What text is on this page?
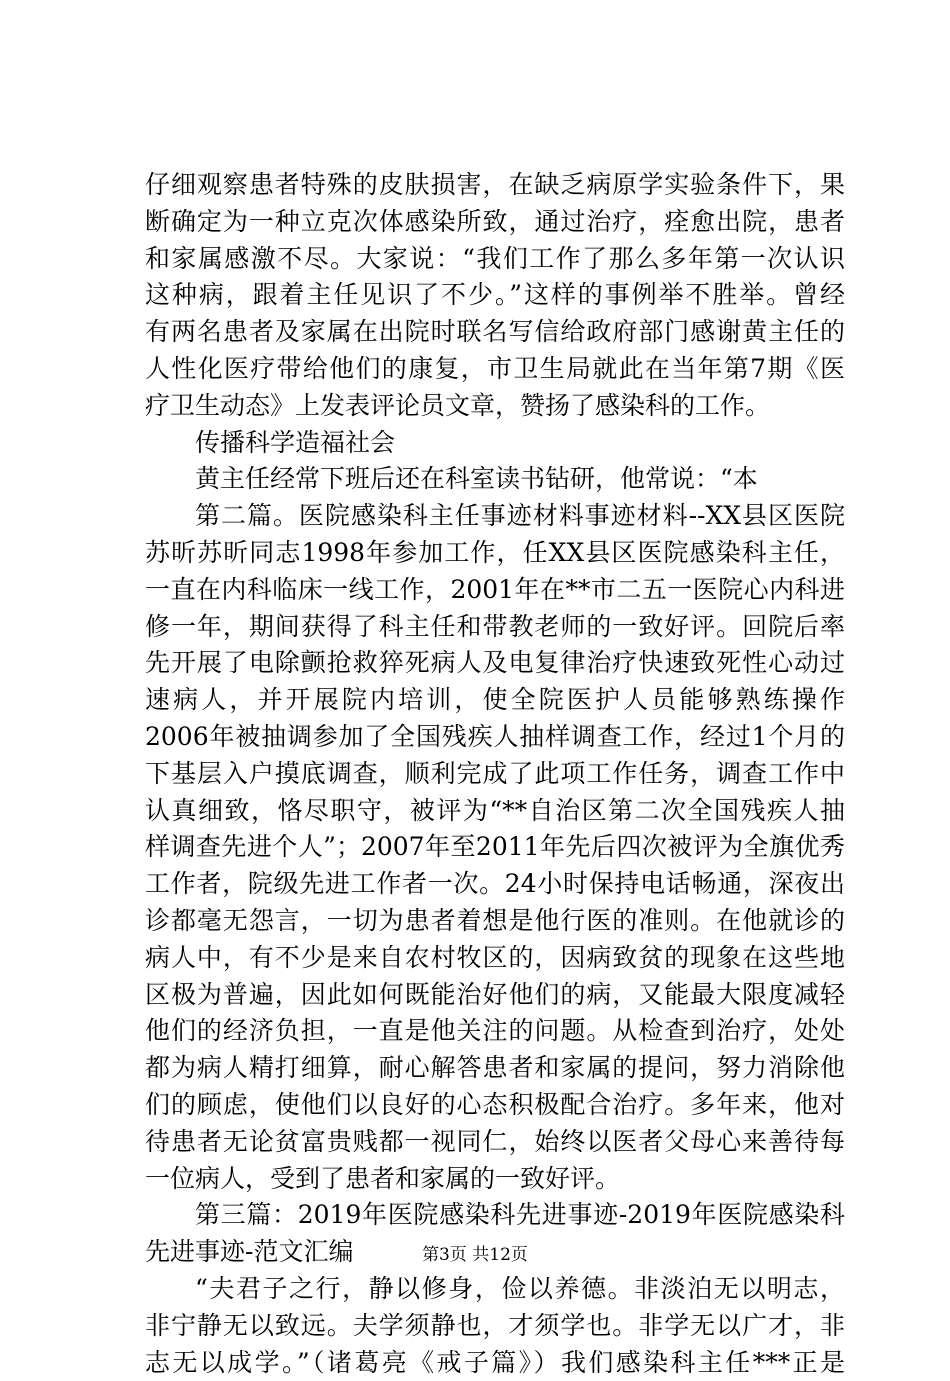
仔细观察患者特殊的皮肤损害，在缺乏病原学实验条件下，果
断确定为一种立克次体感染所致，通过治疗，痊愈出院，患者
和家属感激不尽。大家说：“我们工作了那么多年第一次认识
这种病，跟着主任见识了不少。”这样的事例举不胜举。曾经
有两名患者及家属在出院时联名写信给政府部门感谢黄主任的
人性化医疗带给他们的康复，市卫生局就此在当年第7期《医
疗卫生动态》上发表评论员文章，赞扬了感染科的工作。
传播科学造福社会
黄主任经常下班后还在科室读书钻研，他常说：“本
第二篇。医院感染科主任事迹材料事迹材料--XX县区医院
苏昕苏昕同志1998年参加工作，任XX县区医院感染科主任，
一直在内科临床一线工作，2001年在**市二五一医院心内科进
修一年，期间获得了科主任和带教老师的一致好评。回院后率
先开展了电除颤抢救猝死病人及电复律治疗快速致死性心动过
速病人，并开展院内培训，使全院医护人员能够熟练操作
2006年被抽调参加了全国残疾人抽样调查工作，经过1个月的
下基层入户摸底调查，顺利完成了此项工作任务，调查工作中
认真细致，恪尽职守，被评为“**自治区第二次全国残疾人抽
样调查先进个人”；2007年至2011年先后四次被评为全旗优秀
工作者，院级先进工作者一次。24小时保持电话畅通，深夜出
诊都毫无怨言，一切为患者着想是他行医的准则。在他就诊的
病人中，有不少是来自农村牧区的，因病致贫的现象在这些地
区极为普遍，因此如何既能治好他们的病，又能最大限度减轻
他们的经济负担，一直是他关注的问题。从检查到治疗，处处
都为病人精打细算，耐心解答患者和家属的提问，努力消除他
们的顾虑，使他们以良好的心态积极配合治疗。多年来，他对
待患者无论贫富贵贱都一视同仁，始终以医者父母心来善待每
一位病人，受到了患者和家属的一致好评。
第三篇：2019年医院感染科先进事迹-2019年医院感染科
先进事迹-范文汇编
“夫君子之行，静以修身，俭以养德。非淡泊无以明志，
非宁静无以致远。夫学须静也，才须学也。非学无以广才，非
志无以成学。”（诸葛亮《戒子篇》）我们感染科主任***正是
第3页 共12页
